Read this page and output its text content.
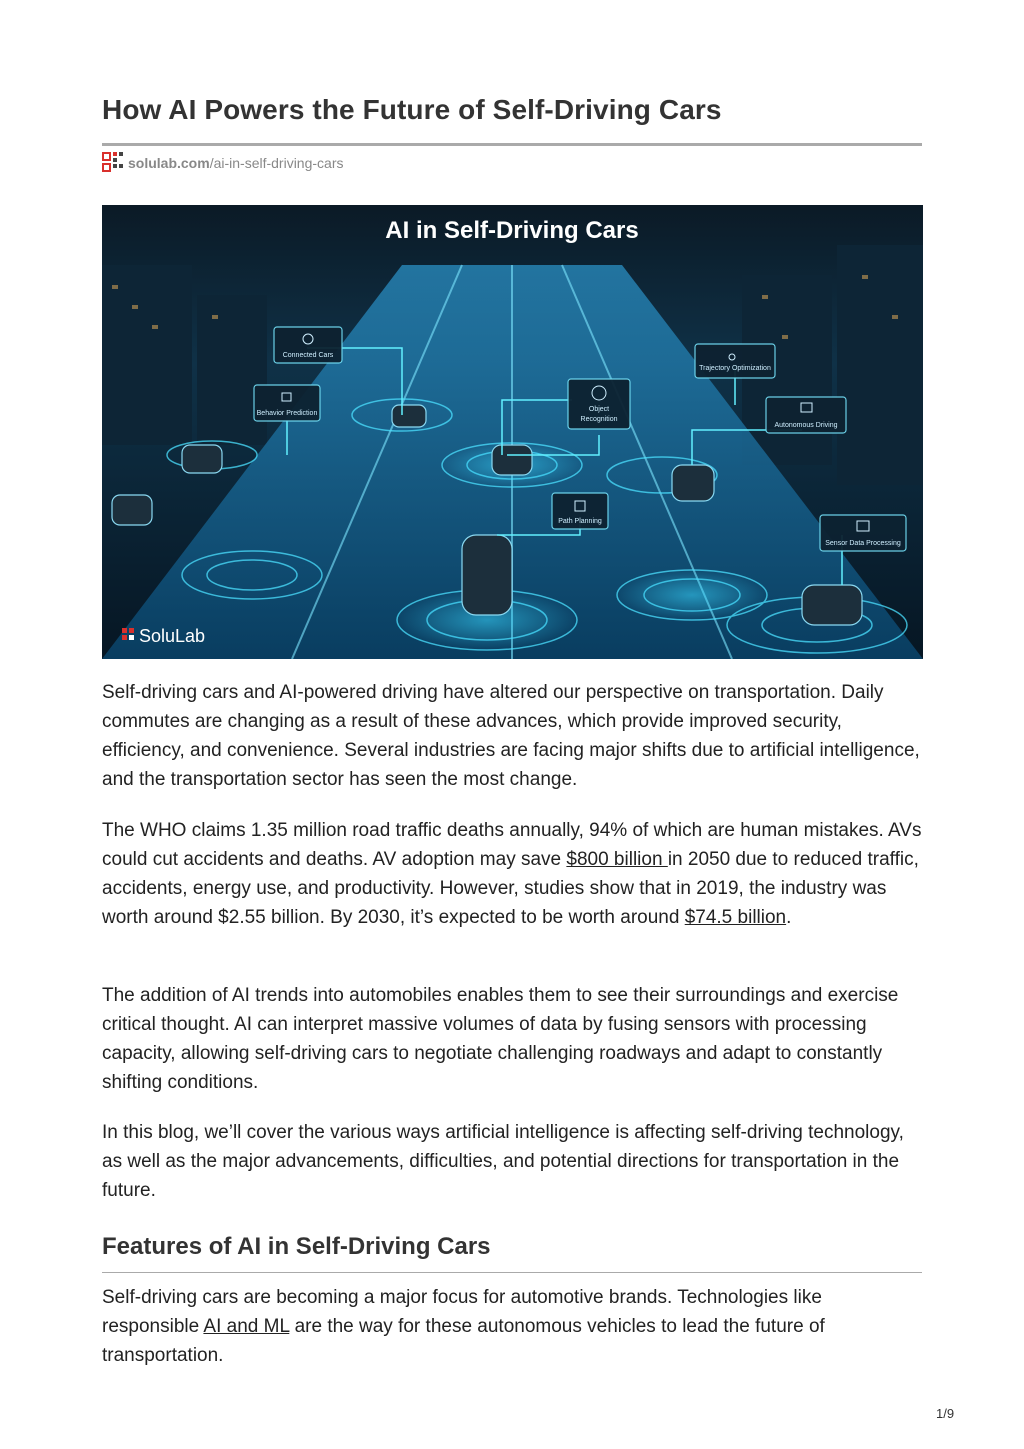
How AI Powers the Future of Self-Driving Cars
solulab.com /ai-in-self-driving-cars
Connected Cars
Behavior Prediction
Object
Recognition
Trajectory Optimization
Autonomous Driving
Path Planning
Sensor Data Processing
AI in Self-Driving Cars
SoluLab

Self-driving cars and AI-powered driving have altered our perspective on transportation. Daily commutes are changing as a result of these advances, which provide improved security, efficiency, and convenience. Several industries are facing major shifts due to artificial intelligence, and the transportation sector has seen the most change.

The WHO claims 1.35 million road traffic deaths annually, 94% of which are human mistakes. AVs could cut accidents and deaths. AV adoption may save $800 billion in 2050 due to reduced traffic, accidents, energy use, and productivity. However, studies show that in 2019, the industry was worth around $2.55 billion. By 2030, it’s expected to be worth around $74.5 billion.

The addition of AI trends into automobiles enables them to see their surroundings and exercise critical thought. AI can interpret massive volumes of data by fusing sensors with processing capacity, allowing self-driving cars to negotiate challenging roadways and adapt to constantly shifting conditions.

In this blog, we’ll cover the various ways artificial intelligence is affecting self-driving technology, as well as the major advancements, difficulties, and potential directions for transportation in the future.

Features of AI in Self-Driving Cars

Self-driving cars are becoming a major focus for automotive brands. Technologies like responsible AI and ML are the way for these autonomous vehicles to lead the future of transportation.

1/9
